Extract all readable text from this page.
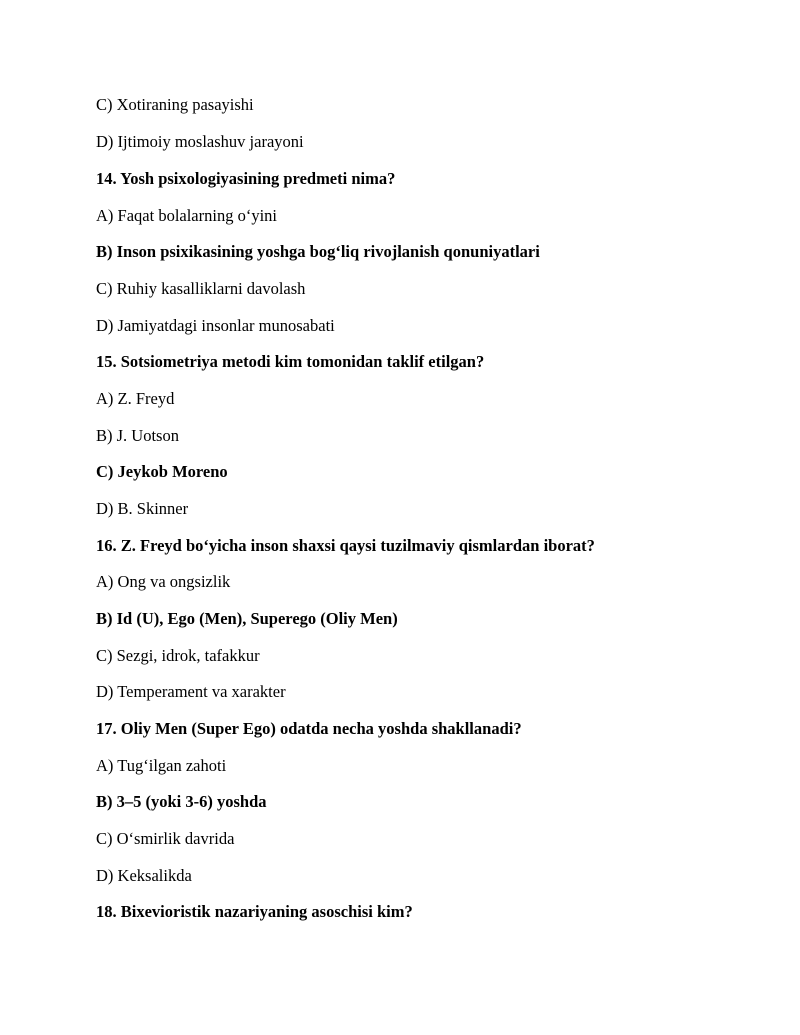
C) Xotiraning pasayishi
D) Ijtimoiy moslashuv jarayoni
14. Yosh psixologiyasining predmeti nima?
A) Faqat bolalarning o‘yini
B) Inson psixikasining yoshga bog‘liq rivojlanish qonuniyatlari
C) Ruhiy kasalliklarni davolash
D) Jamiyatdagi insonlar munosabati
15. Sotsiometriya metodi kim tomonidan taklif etilgan?
A) Z. Freyd
B) J. Uotson
C) Jeykob Moreno
D) B. Skinner
16. Z. Freyd bo‘yicha inson shaxsi qaysi tuzilmaviy qismlardan iborat?
A) Ong va ongsizlik
B) Id (U), Ego (Men), Superego (Oliy Men)
C) Sezgi, idrok, tafakkur
D) Temperament va xarakter
17. Oliy Men (Super Ego) odatda necha yoshda shakllanadi?
A) Tug‘ilgan zahoti
B) 3–5 (yoki 3-6) yoshda
C) O‘smirlik davrida
D) Keksalikda
18. Bixevioristik nazariyaning asoschisi kim?
